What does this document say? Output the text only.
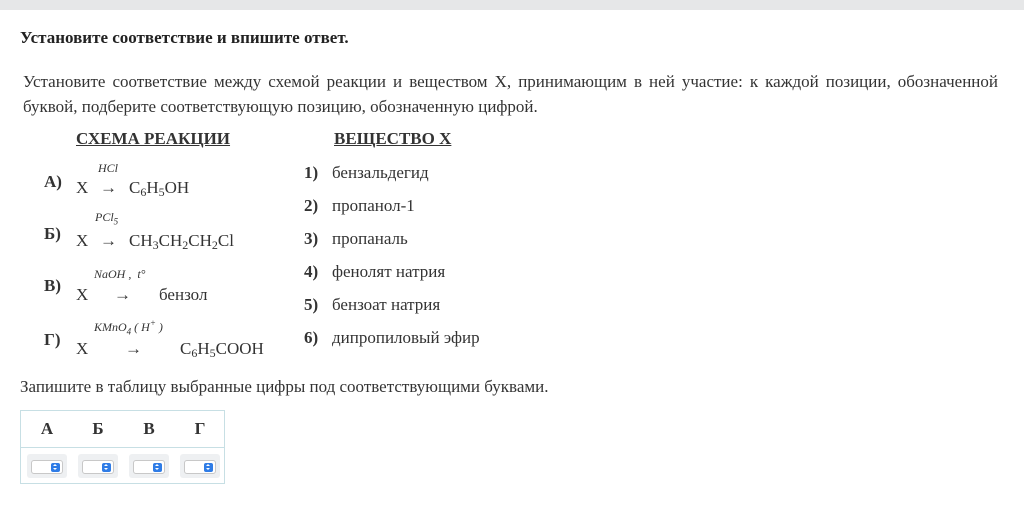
Установите соответствие и впишите ответ.
Установите соответствие между схемой реакции и веществом Х, принимающим в ней участие: к каждой позиции, обозначенной буквой, подберите соответствующую позицию, обозначенную цифрой.
СХЕМА РЕАКЦИИ	ВЕЩЕСТВО Х
А)
HCl
$Х \to C_6H_5OH$
Б)
PCl$_5$
$Х \to CH_3CH_2CH_2Cl$
В)
NaOH ,  t°
Х → бензол
Г)
KMnO$_4$ ( H+ )
$Х \to C_6H_5COOH$
1) бензальдегид
2) пропанол-1
3) пропаналь
4) фенолят натрия
5) бензоат натрия
6) дипропиловый эфир
Запишите в таблицу выбранные цифры под соответствующими буквами.
А	Б	В	Г
